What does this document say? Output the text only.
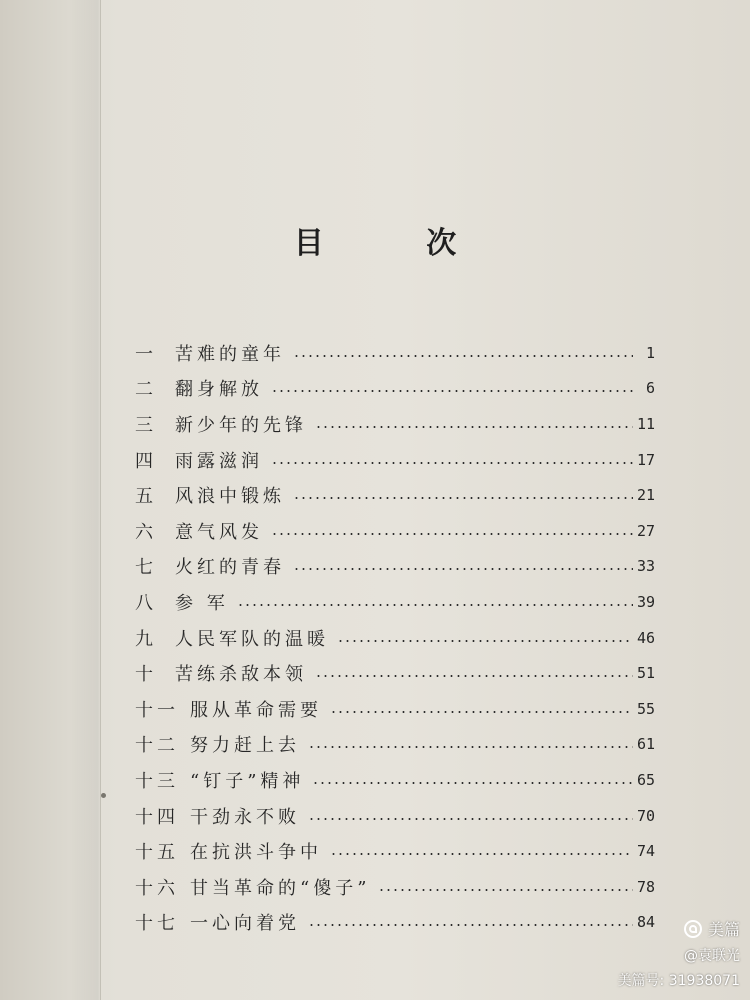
目 次
一	苦难的童年	1
二	翻身解放	6
三	新少年的先锋	11
四	雨露滋润	17
五	风浪中锻炼	21
六	意气风发	27
七	火红的青春	33
八	参 军	39
九	人民军队的温暖	46
十	苦练杀敌本领	51
十一 服从革命需要	55
十二 努力赶上去	61
十三 “钉子”精神	65
十四 干劲永不败	70
十五 在抗洪斗争中	74
十六 甘当革命的“傻子”	78
十七 一心向着党	84	美篇
@袁联光
美篇号: 31938071
